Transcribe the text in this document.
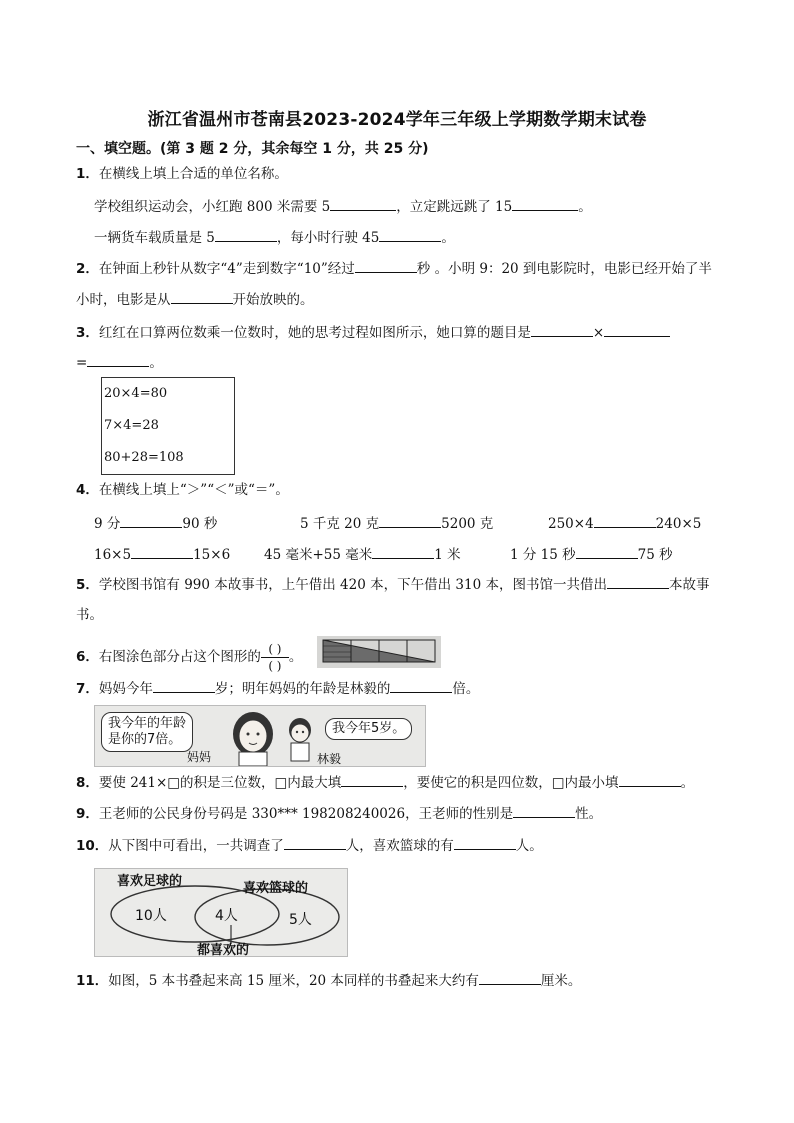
浙江省温州市苍南县2023-2024学年三年级上学期数学期末试卷
一、填空题。(第 3 题 2 分，其余每空 1 分，共 25 分)
1．在横线上填上合适的单位名称。
学校组织运动会，小红跑 800 米需要 5	，立定跳远跳了 15	。
一辆货车载质量是 5	，每小时行驶 45	。
2．在钟面上秒针从数字“4”走到数字“10”经过	秒 。小明 9：20 到电影院时，电影已经开始了半
小时，电影是从	开始放映的。
3．红红在口算两位数乘一位数时，她的思考过程如图所示，她口算的题目是	×
=	。
20×4=80
7×4=28
80+28=108
4．在横线上填上“＞”“＜”或“＝”。
9 分	90 秒	5 千克 20 克	5200 克	250×4	240×5
16×5	15×6	45 毫米+55 毫米	1 米	1 分 15 秒	75 秒
5．学校图书馆有 990 本故事书，上午借出 420 本，下午借出 310 本，图书馆一共借出	本故事
书。
6．右图涂色部分占这个图形的$\frac{( )}{( )}$。
7．妈妈今年	岁；明年妈妈的年龄是林毅的	倍。
我今年的年龄
是你的7倍。
我今年5岁。
妈妈	林毅
8．要使 241×□的积是三位数，□内最大填	，要使它的积是四位数，□内最小填	。
9．王老师的公民身份号码是 330*** 198208240026，王老师的性别是	性。
10．从下图中可看出，一共调查了	人，喜欢篮球的有	人。
喜欢足球的	喜欢篮球的
10人	4人	5人
都喜欢的
11．如图，5 本书叠起来高 15 厘米，20 本同样的书叠起来大约有	厘米。
